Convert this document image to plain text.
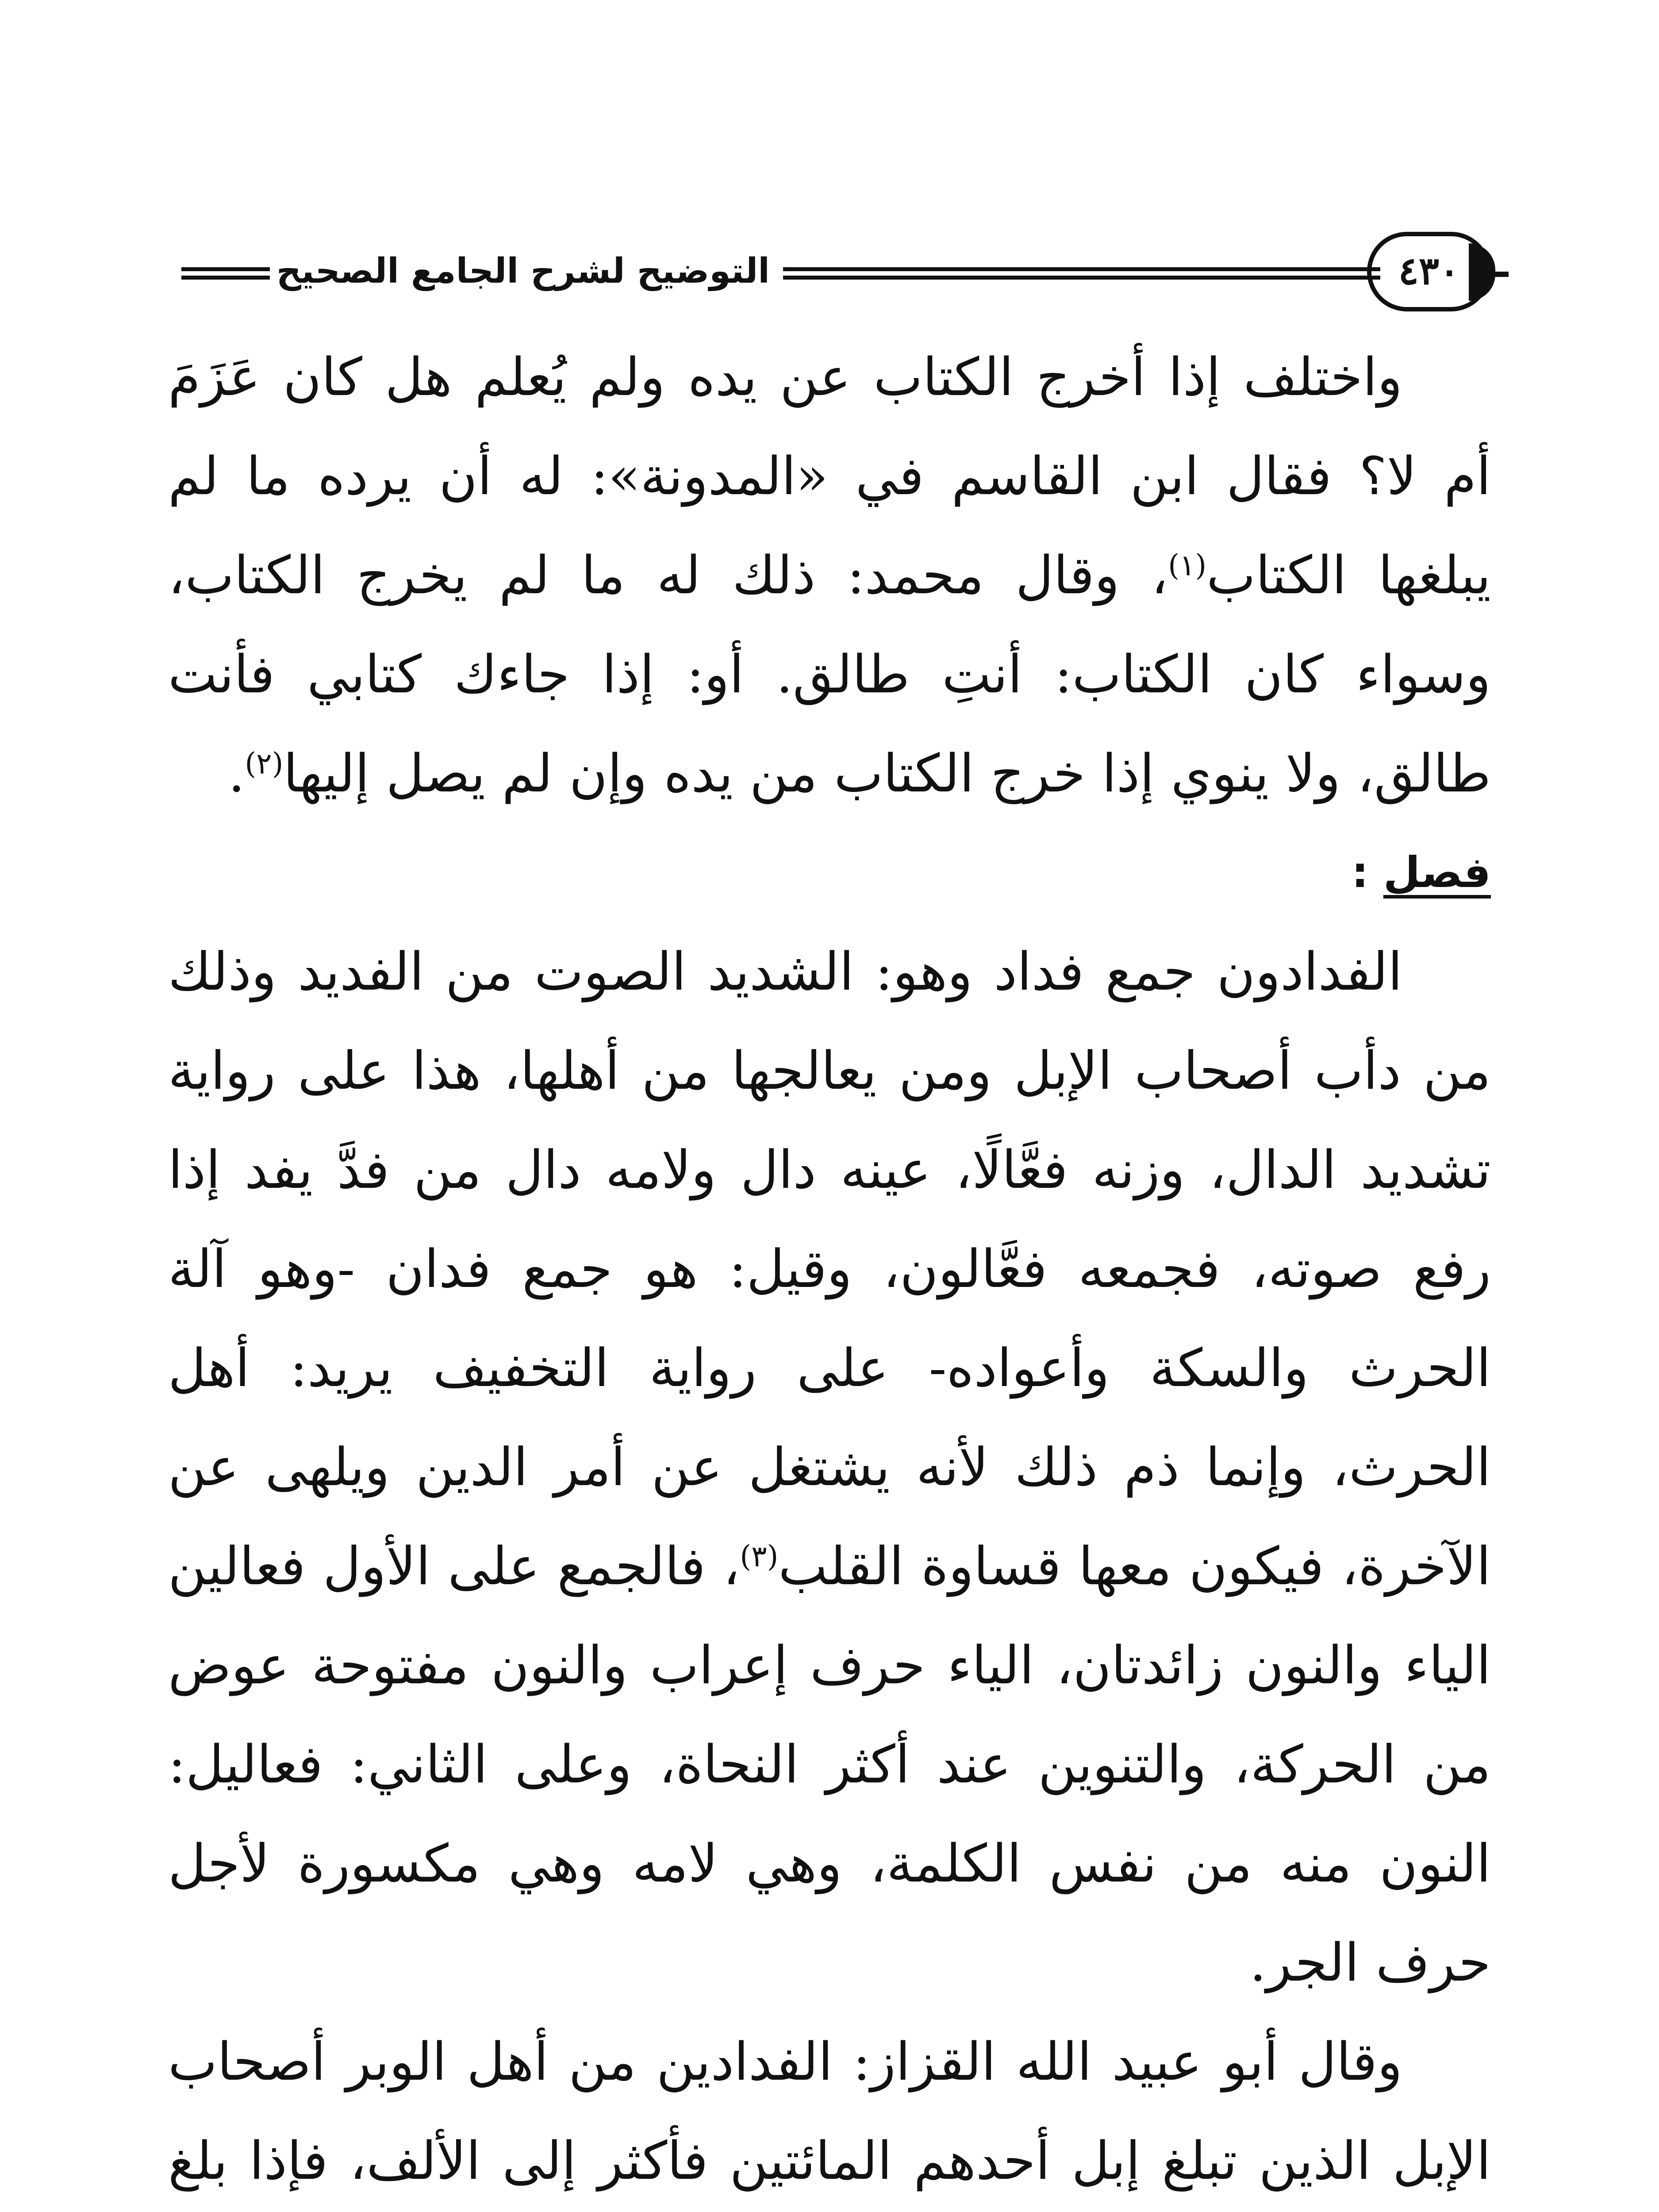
التوضيح لشرح الجامع الصحيح	٤٣٠

واختلف إذا أخرج الكتاب عن يده ولم يُعلم هل كان عَزَمَ أم لا؟ فقال ابن القاسم في «المدونة»: له أن يرده ما لم يبلغها الكتاب$^{(١)}$، وقال محمد: ذلك له ما لم يخرج الكتاب، وسواء كان الكتاب: أنتِ طالق. أو: إذا جاءك كتابي فأنت طالق، ولا ينوي إذا خرج الكتاب من يده وإن لم يصل إليها$^{(٢)}$.

فصل :

الفدادون جمع فداد وهو: الشديد الصوت من الفديد وذلك من دأب أصحاب الإبل ومن يعالجها من أهلها، هذا على رواية تشديد الدال، وزنه فعَّالًا، عينه دال ولامه دال من فدَّ يفد إذا رفع صوته، فجمعه فعَّالون، وقيل: هو جمع فدان -وهو آلة الحرث والسكة وأعواده- على رواية التخفيف يريد: أهل الحرث، وإنما ذم ذلك لأنه يشتغل عن أمر الدين ويلهى عن الآخرة، فيكون معها قساوة القلب$^{(٣)}$، فالجمع على الأول فعالين الياء والنون زائدتان، الياء حرف إعراب والنون مفتوحة عوض من الحركة، والتنوين عند أكثر النحاة، وعلى الثاني: فعاليل: النون منه من نفس الكلمة، وهي لامه وهي مكسورة لأجل حرف الجر.

وقال أبو عبيد الله القزاز: الفدادين من أهل الوبر أصحاب الإبل الذين تبلغ إبل أحدهم المائتين فأكثر إلى الألف، فإذا بلغ
